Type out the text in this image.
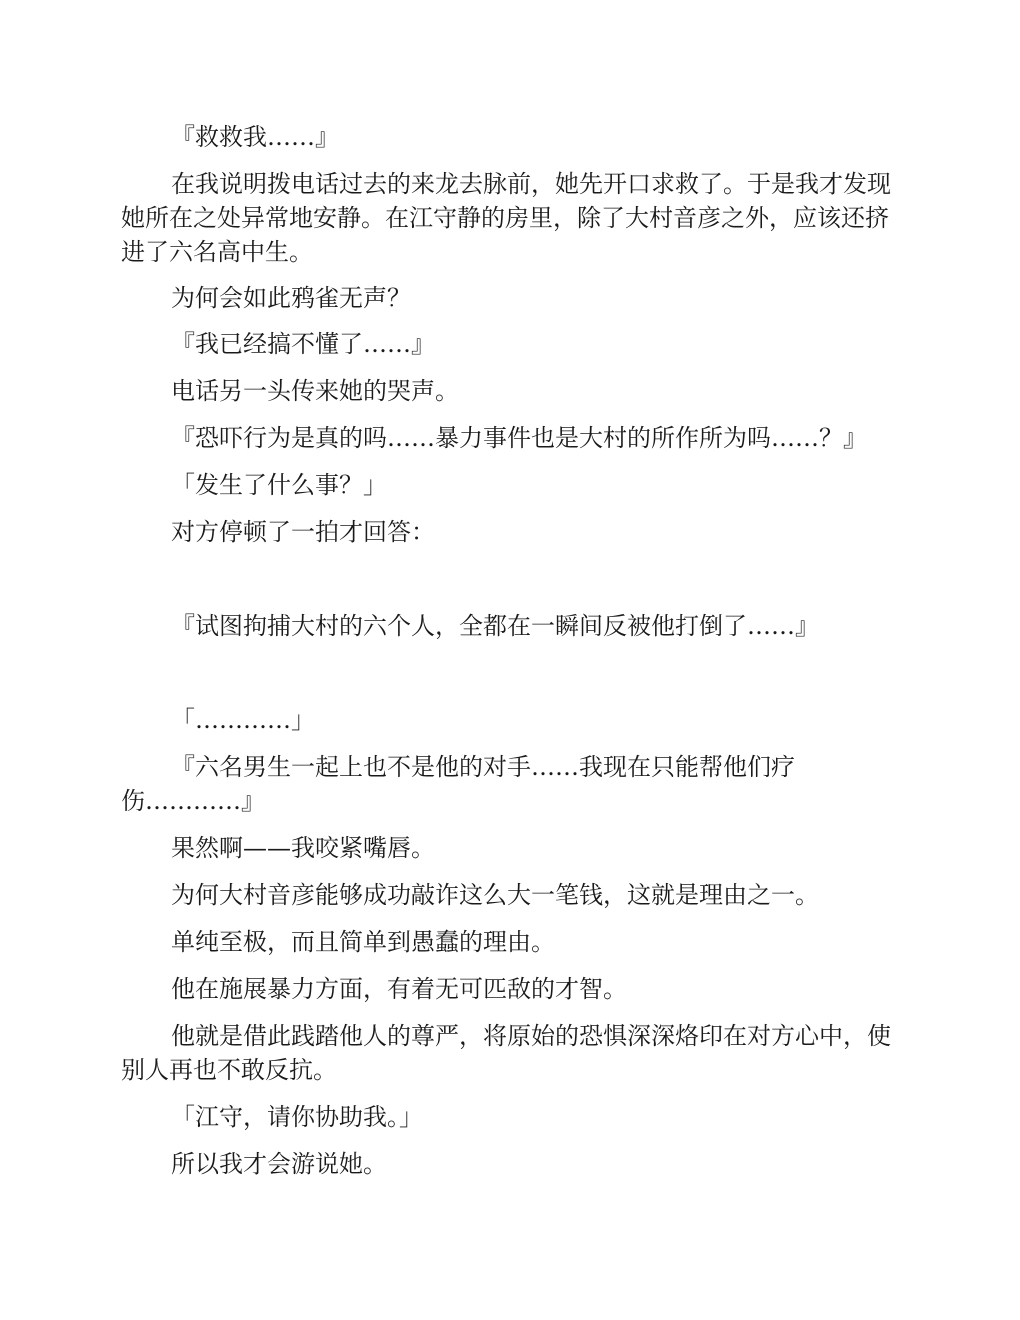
『救救我……』

在我说明拨电话过去的来龙去脉前，她先开口求救了。于是我才发现她所在之处异常地安静。在江守静的房里，除了大村音彦之外，应该还挤进了六名高中生。

为何会如此鸦雀无声？

『我已经搞不懂了……』

电话另一头传来她的哭声。

『恐吓行为是真的吗……暴力事件也是大村的所作所为吗……？』

「发生了什么事？」

对方停顿了一拍才回答：

『试图拘捕大村的六个人，全都在一瞬间反被他打倒了……』

「…………」

『六名男生一起上也不是他的对手……我现在只能帮他们疗伤…………』

果然啊——我咬紧嘴唇。

为何大村音彦能够成功敲诈这么大一笔钱，这就是理由之一。

单纯至极，而且简单到愚蠢的理由。

他在施展暴力方面，有着无可匹敌的才智。

他就是借此践踏他人的尊严，将原始的恐惧深深烙印在对方心中，使别人再也不敢反抗。

「江守，请你协助我。」

所以我才会游说她。
